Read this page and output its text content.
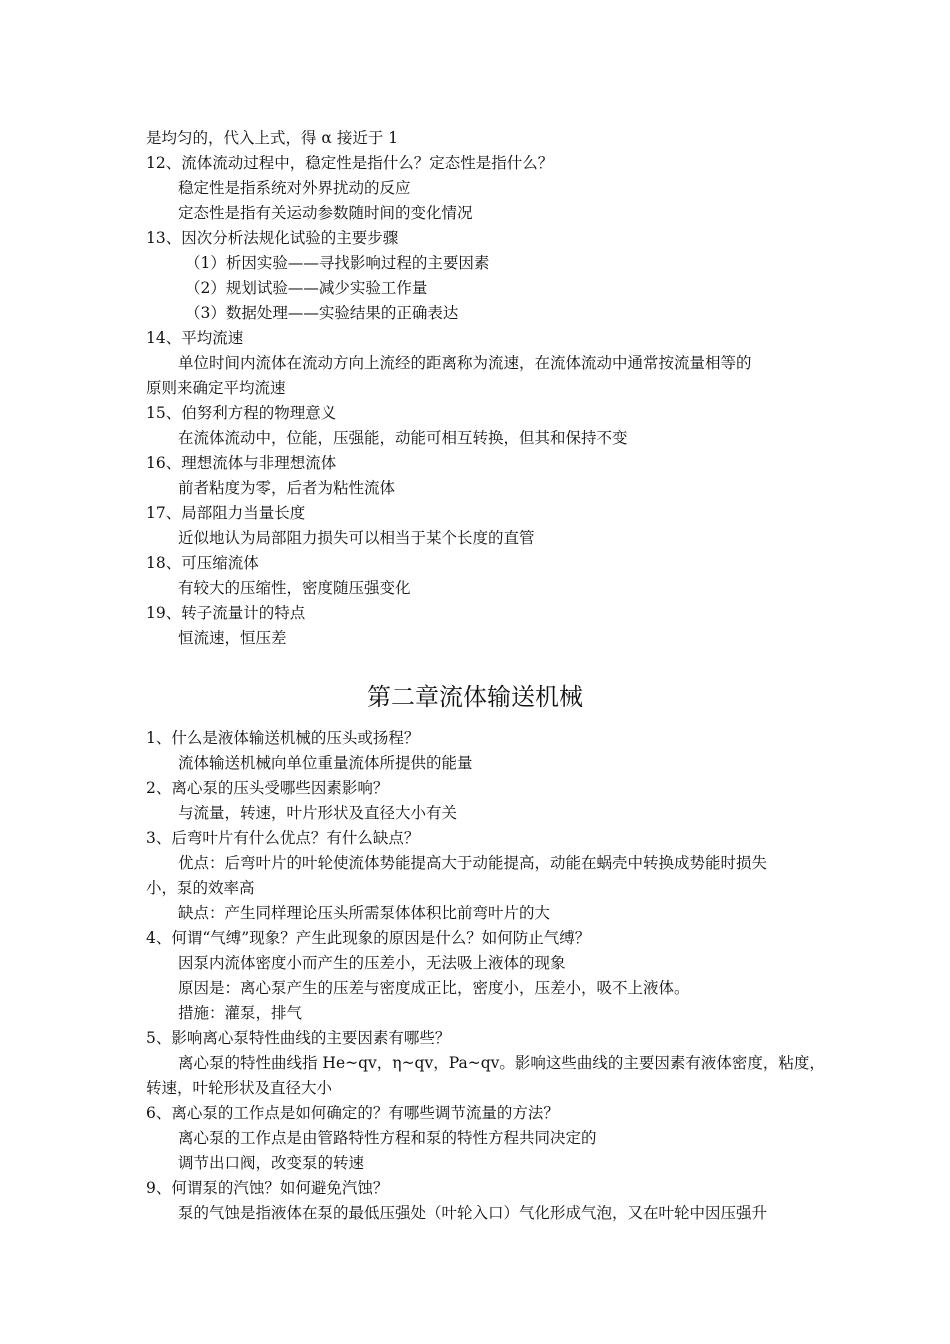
是均匀的，代入上式，得 α 接近于 1
12、流体流动过程中，稳定性是指什么？定态性是指什么？
稳定性是指系统对外界扰动的反应
定态性是指有关运动参数随时间的变化情况
13、因次分析法规化试验的主要步骤
（1）析因实验——寻找影响过程的主要因素
（2）规划试验——减少实验工作量
（3）数据处理——实验结果的正确表达
14、平均流速
单位时间内流体在流动方向上流经的距离称为流速，在流体流动中通常按流量相等的
原则来确定平均流速
15、伯努利方程的物理意义
在流体流动中，位能，压强能，动能可相互转换，但其和保持不变
16、理想流体与非理想流体
前者粘度为零，后者为粘性流体
17、局部阻力当量长度
近似地认为局部阻力损失可以相当于某个长度的直管
18、可压缩流体
有较大的压缩性，密度随压强变化
19、转子流量计的特点
恒流速，恒压差
第二章流体输送机械
1、什么是液体输送机械的压头或扬程？
流体输送机械向单位重量流体所提供的能量
2、离心泵的压头受哪些因素影响？
与流量，转速，叶片形状及直径大小有关
3、后弯叶片有什么优点？有什么缺点？
优点：后弯叶片的叶轮使流体势能提高大于动能提高，动能在蜗壳中转换成势能时损失
小，泵的效率高
缺点：产生同样理论压头所需泵体体积比前弯叶片的大
4、何谓“气缚”现象？产生此现象的原因是什么？如何防止气缚？
因泵内流体密度小而产生的压差小，无法吸上液体的现象
原因是：离心泵产生的压差与密度成正比，密度小，压差小，吸不上液体。
措施：灌泵，排气
5、影响离心泵特性曲线的主要因素有哪些？
离心泵的特性曲线指 He~qv，η~qv，Pa~qv。影响这些曲线的主要因素有液体密度，粘度，
转速，叶轮形状及直径大小
6、离心泵的工作点是如何确定的？有哪些调节流量的方法？
离心泵的工作点是由管路特性方程和泵的特性方程共同决定的
调节出口阀，改变泵的转速
9、何谓泵的汽蚀？如何避免汽蚀？
泵的气蚀是指液体在泵的最低压强处（叶轮入口）气化形成气泡，又在叶轮中因压强升
